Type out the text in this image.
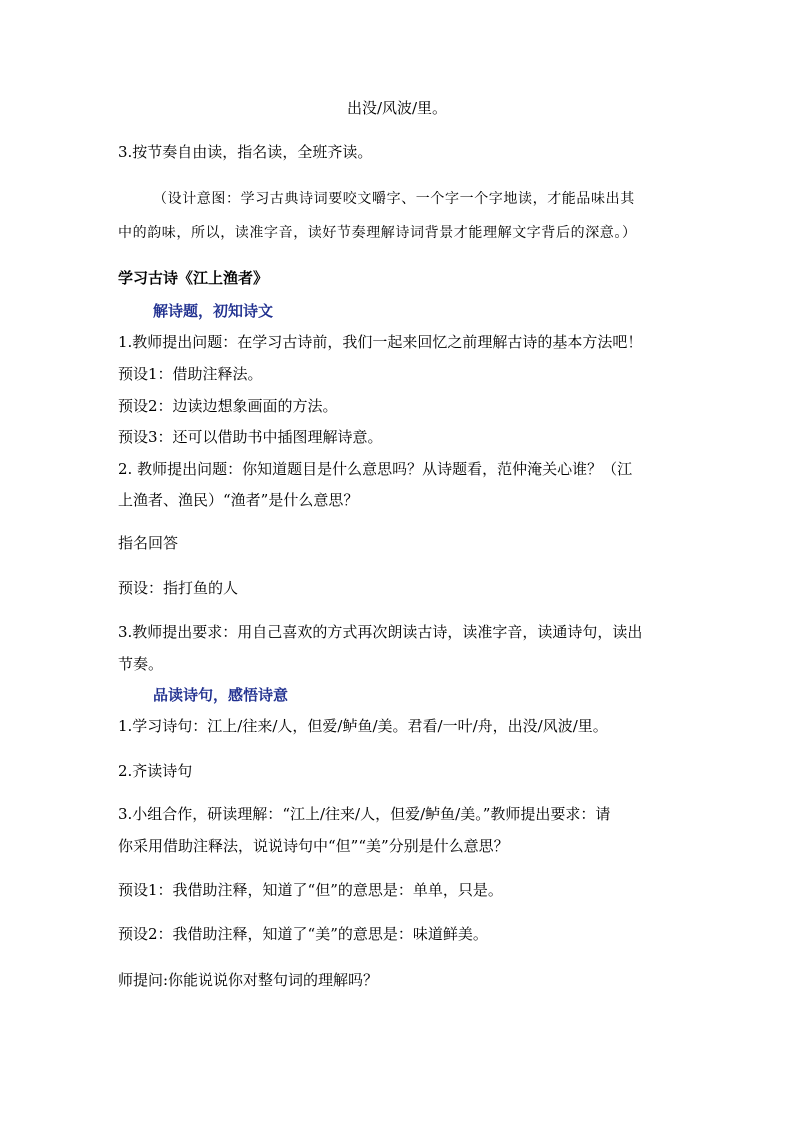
出没/风波/里。
3.按节奏自由读，指名读，全班齐读。
（设计意图：学习古典诗词要咬文嚼字、一个字一个字地读，才能品味出其
中的韵味，所以，读准字音，读好节奏理解诗词背景才能理解文字背后的深意。）
学习古诗《江上渔者》
解诗题，初知诗文
1.教师提出问题：在学习古诗前，我们一起来回忆之前理解古诗的基本方法吧！
预设1：借助注释法。
预设2：边读边想象画面的方法。
预设3：还可以借助书中插图理解诗意。
2. 教师提出问题：你知道题目是什么意思吗？从诗题看，范仲淹关心谁？（江
上渔者、渔民）“渔者”是什么意思？
指名回答
预设：指打鱼的人
3.教师提出要求：用自己喜欢的方式再次朗读古诗，读准字音，读通诗句，读出
节奏。
品读诗句，感悟诗意
1.学习诗句：江上/往来/人，但爱/鲈鱼/美。君看/一叶/舟，出没/风波/里。
2.齐读诗句
3.小组合作，研读理解：“江上/往来/人，但爱/鲈鱼/美。”教师提出要求：请
你采用借助注释法，说说诗句中“但”“美”分别是什么意思？
预设1：我借助注释，知道了“但”的意思是：单单，只是。
预设2：我借助注释，知道了“美”的意思是：味道鲜美。
师提问:你能说说你对整句词的理解吗？
